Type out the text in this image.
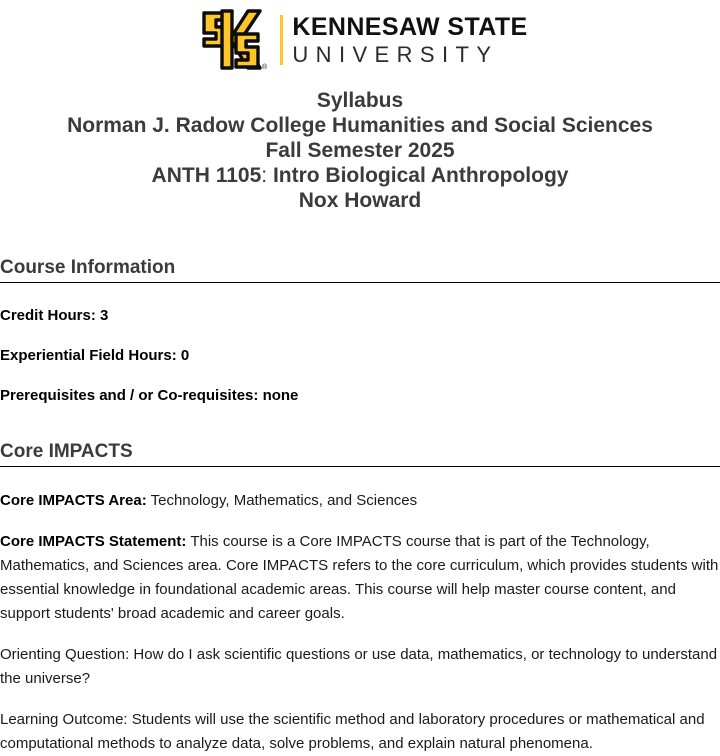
®
KENNESAW STATE
UNIVERSITY
Syllabus
Norman J. Radow College Humanities and Social Sciences
Fall Semester 2025
ANTH 1105: Intro Biological Anthropology
Nox Howard
Course Information
Credit Hours: 3
Experiential Field Hours: 0
Prerequisites and / or Co-requisites: none
Core IMPACTS
Core IMPACTS Area: Technology, Mathematics, and Sciences
Core IMPACTS Statement: This course is a Core IMPACTS course that is part of the Technology, Mathematics, and Sciences area. Core IMPACTS refers to the core curriculum, which provides students with essential knowledge in foundational academic areas. This course will help master course content, and support students' broad academic and career goals.
Orienting Question: How do I ask scientific questions or use data, mathematics, or technology to understand the universe?
Learning Outcome: Students will use the scientific method and laboratory procedures or mathematical and computational methods to analyze data, solve problems, and explain natural phenomena.
